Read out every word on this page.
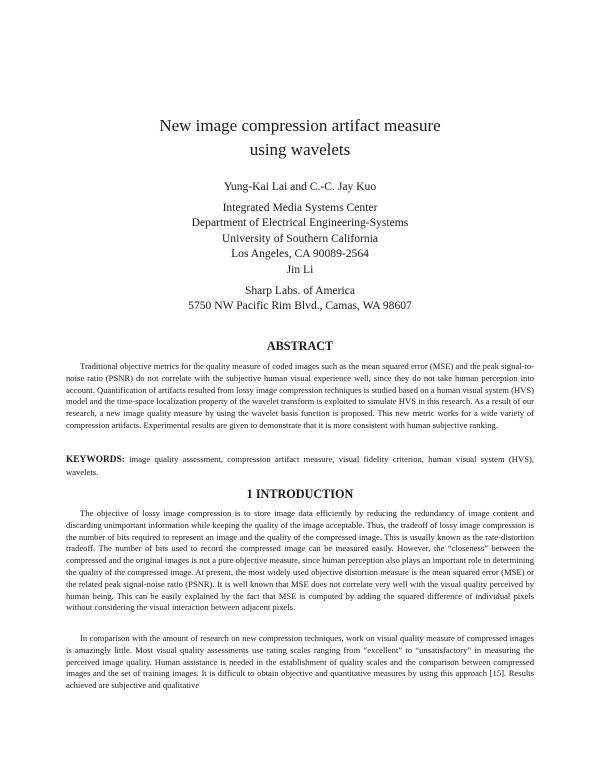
New image compression artifact measure
using wavelets
Yung-Kai Lai and C.-C. Jay Kuo
Integrated Media Systems Center
Department of Electrical Engineering-Systems
University of Southern California
Los Angeles, CA 90089-2564
Jin Li
Sharp Labs. of America
5750 NW Pacific Rim Blvd., Camas, WA 98607
ABSTRACT
Traditional objective metrics for the quality measure of coded images such as the mean squared error (MSE) and the peak signal-to-noise ratio (PSNR) do not correlate with the subjective human visual experience well, since they do not take human perception into account. Quantification of artifacts resulted from lossy image compression techniques is studied based on a human visual system (HVS) model and the time-space localization property of the wavelet transform is exploited to simulate HVS in this research. As a result of our research, a new image quality measure by using the wavelet basis function is proposed. This new metric works for a wide variety of compression artifacts. Experimental results are given to demonstrate that it is more consistent with human subjective ranking.
KEYWORDS: image quality assessment, compression artifact measure, visual fidelity criterion, human visual system (HVS), wavelets.
1 INTRODUCTION
The objective of lossy image compression is to store image data efficiently by reducing the redundancy of image content and discarding unimportant information while keeping the quality of the image acceptable. Thus, the tradeoff of lossy image compression is the number of bits required to represent an image and the quality of the compressed image. This is usually known as the rate-distortion tradeoff. The number of bits used to record the compressed image can be measured easily. However, the “closeness” between the compressed and the original images is not a pure objective measure, since human perception also plays an important role in determining the quality of the compressed image. At present, the most widely used objective distortion measure is the mean squared error (MSE) or the related peak signal-noise ratio (PSNR). It is well known that MSE does not correlate very well with the visual quality perceived by human being. This can be easily explained by the fact that MSE is computed by adding the squared difference of individual pixels without considering the visual interaction between adjacent pixels.
In comparison with the amount of research on new compression techniques, work on visual quality measure of compressed images is amazingly little. Most visual quality assessments use rating scales ranging from “excellent” to “unsatisfactory” in measuring the perceived image quality. Human assistance is needed in the establishment of quality scales and the comparison between compressed images and the set of training images. It is difficult to obtain objective and quantitative measures by using this approach [15]. Results achieved are subjective and qualitative
